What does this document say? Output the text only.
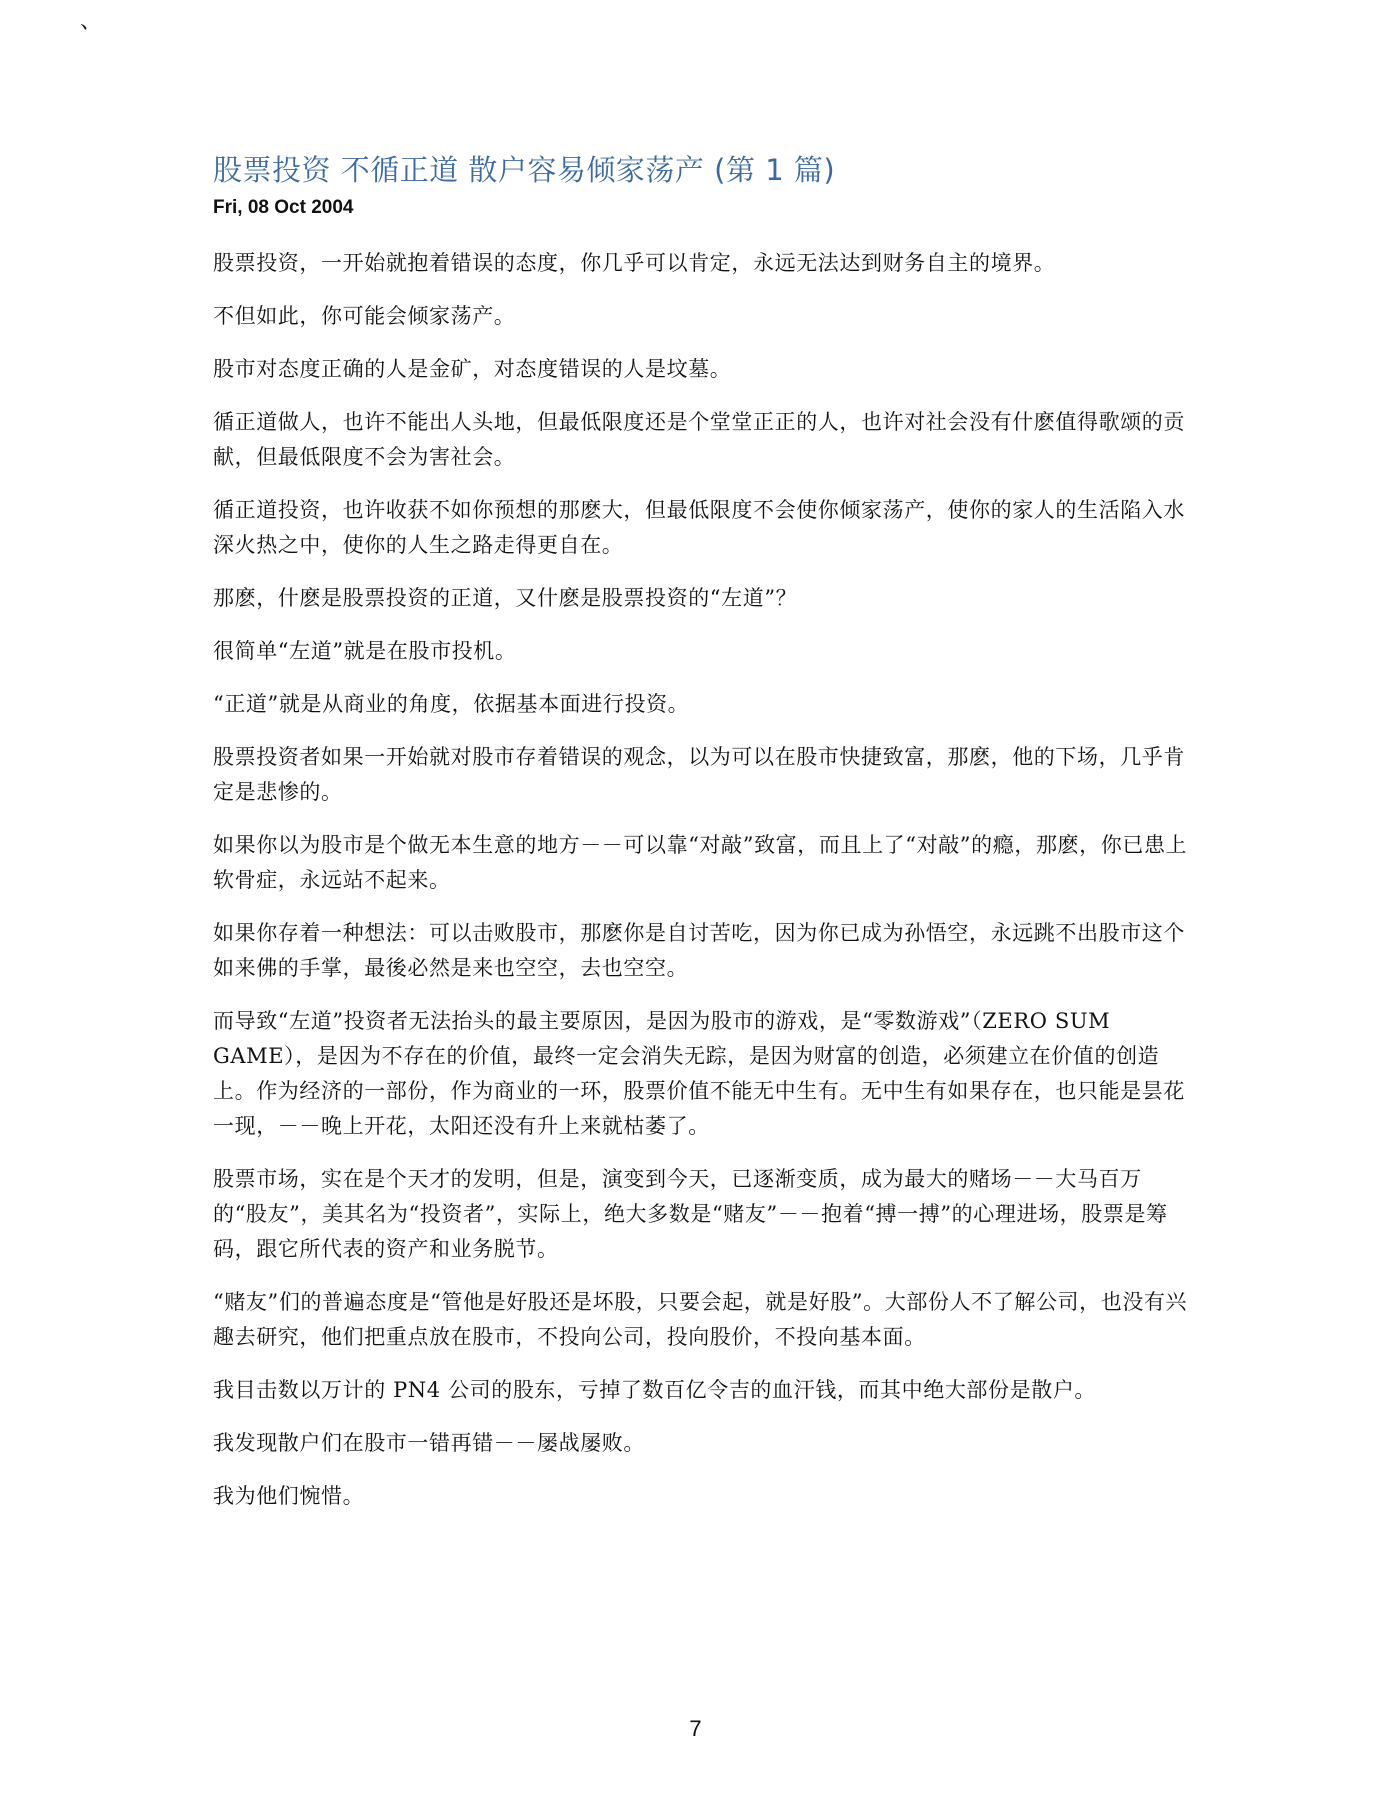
、
股票投资 不循正道 散户容易倾家荡产 (第 1 篇)
Fri, 08 Oct 2004

股票投资，一开始就抱着错误的态度，你几乎可以肯定，永远无法达到财务自主的境界。

不但如此，你可能会倾家荡产。

股市对态度正确的人是金矿，对态度错误的人是坟墓。

循正道做人，也许不能出人头地，但最低限度还是个堂堂正正的人，也许对社会没有什麽值得歌颂的贡献，但最低限度不会为害社会。

循正道投资，也许收获不如你预想的那麽大，但最低限度不会使你倾家荡产，使你的家人的生活陷入水深火热之中，使你的人生之路走得更自在。

那麽，什麽是股票投资的正道，又什麽是股票投资的“左道”？

很简单“左道”就是在股市投机。

“正道”就是从商业的角度，依据基本面进行投资。

股票投资者如果一开始就对股市存着错误的观念，以为可以在股市快捷致富，那麽，他的下场，几乎肯定是悲惨的。

如果你以为股市是个做无本生意的地方－－可以靠“对敲”致富，而且上了“对敲”的瘾，那麽，你已患上软骨症，永远站不起来。

如果你存着一种想法：可以击败股市，那麽你是自讨苦吃，因为你已成为孙悟空，永远跳不出股市这个如来佛的手掌，最後必然是来也空空，去也空空。

而导致“左道”投资者无法抬头的最主要原因，是因为股市的游戏，是“零数游戏”（ZERO SUM GAME），是因为不存在的价值，最终一定会消失无踪，是因为财富的创造，必须建立在价值的创造上。作为经济的一部份，作为商业的一环，股票价值不能无中生有。无中生有如果存在，也只能是昙花一现，－－晚上开花，太阳还没有升上来就枯萎了。

股票市场，实在是个天才的发明，但是，演变到今天，已逐渐变质，成为最大的赌场－－大马百万的“股友”，美其名为“投资者”，实际上，绝大多数是“赌友”－－抱着“搏一搏”的心理进场，股票是筹码，跟它所代表的资产和业务脱节。

“赌友”们的普遍态度是“管他是好股还是坏股，只要会起，就是好股”。大部份人不了解公司，也没有兴趣去研究，他们把重点放在股市，不投向公司，投向股价，不投向基本面。

我目击数以万计的 PN4 公司的股东，亏掉了数百亿令吉的血汗钱，而其中绝大部份是散户。

我发现散户们在股市一错再错－－屡战屡败。

我为他们惋惜。

7
